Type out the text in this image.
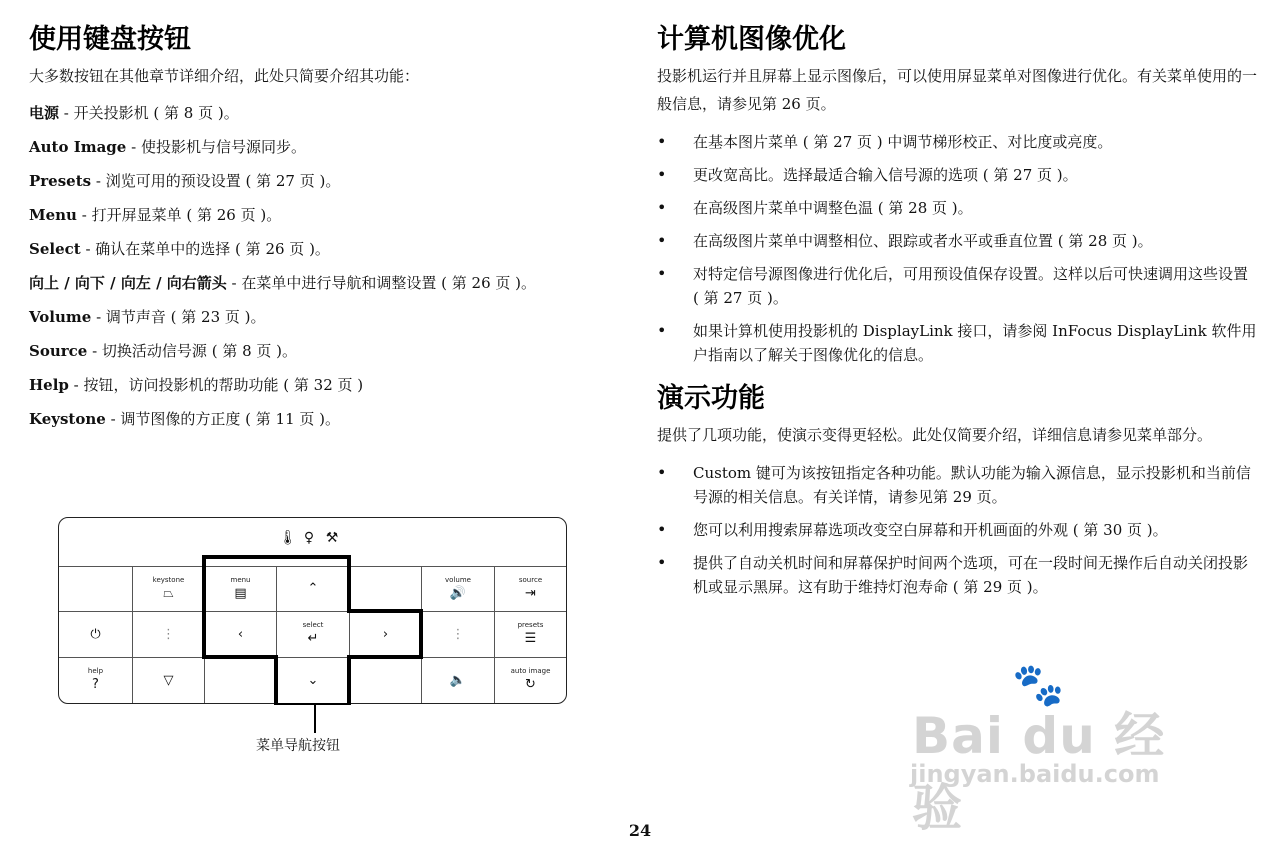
使用键盘按钮

大多数按钮在其他章节详细介绍，此处只简要介绍其功能：

电源 - 开关投影机 ( 第 8 页 )。
Auto Image - 使投影机与信号源同步。
Presets - 浏览可用的预设设置 ( 第 27 页 )。
Menu - 打开屏显菜单 ( 第 26 页 )。
Select - 确认在菜单中的选择 ( 第 26 页 )。
向上 / 向下 / 向左 / 向右箭头 - 在菜单中进行导航和调整设置 ( 第 26 页 )。
Volume - 调节声音 ( 第 23 页 )。
Source - 切换活动信号源 ( 第 8 页 )。
Help - 按钮，访问投影机的帮助功能 ( 第 32 页 )
Keystone - 调节图像的方正度 ( 第 11 页 )。
🌡 ♀ ⚒
keystone
⏢
menu
▤	⌃
volume
🔊
source
⇥
⏻	⋮	‹
select
↵	›	⋮
presets
☰
help
?	▽	⌄	🔈
auto image
↻
菜单导航按钮
计算机图像优化

投影机运行并且屏幕上显示图像后，可以使用屏显菜单对图像进行优化。有关菜单使用的一般信息，请参见第 26 页。

• 在基本图片菜单 ( 第 27 页 ) 中调节梯形校正、对比度或亮度。
• 更改宽高比。选择最适合输入信号源的选项 ( 第 27 页 )。
• 在高级图片菜单中调整色温 ( 第 28 页 )。
• 在高级图片菜单中调整相位、跟踪或者水平或垂直位置 ( 第 28 页 )。
• 对特定信号源图像进行优化后，可用预设值保存设置。这样以后可快速调用这些设置 ( 第 27 页 )。
• 如果计算机使用投影机的 DisplayLink 接口，请参阅 InFocus DisplayLink 软件用户指南以了解关于图像优化的信息。
演示功能

提供了几项功能，使演示变得更轻松。此处仅简要介绍，详细信息请参见菜单部分。

• Custom 键可为该按钮指定各种功能。默认功能为输入源信息，显示投影机和当前信号源的相关信息。有关详情，请参见第 29 页。
• 您可以利用搜索屏幕选项改变空白屏幕和开机画面的外观 ( 第 30 页 )。
• 提供了自动关机时间和屏幕保护时间两个选项，可在一段时间无操作后自动关闭投影机或显示黑屏。这有助于维持灯泡寿命 ( 第 29 页 )。
🐾
Bai du 经验
jingyan.baidu.com
24
